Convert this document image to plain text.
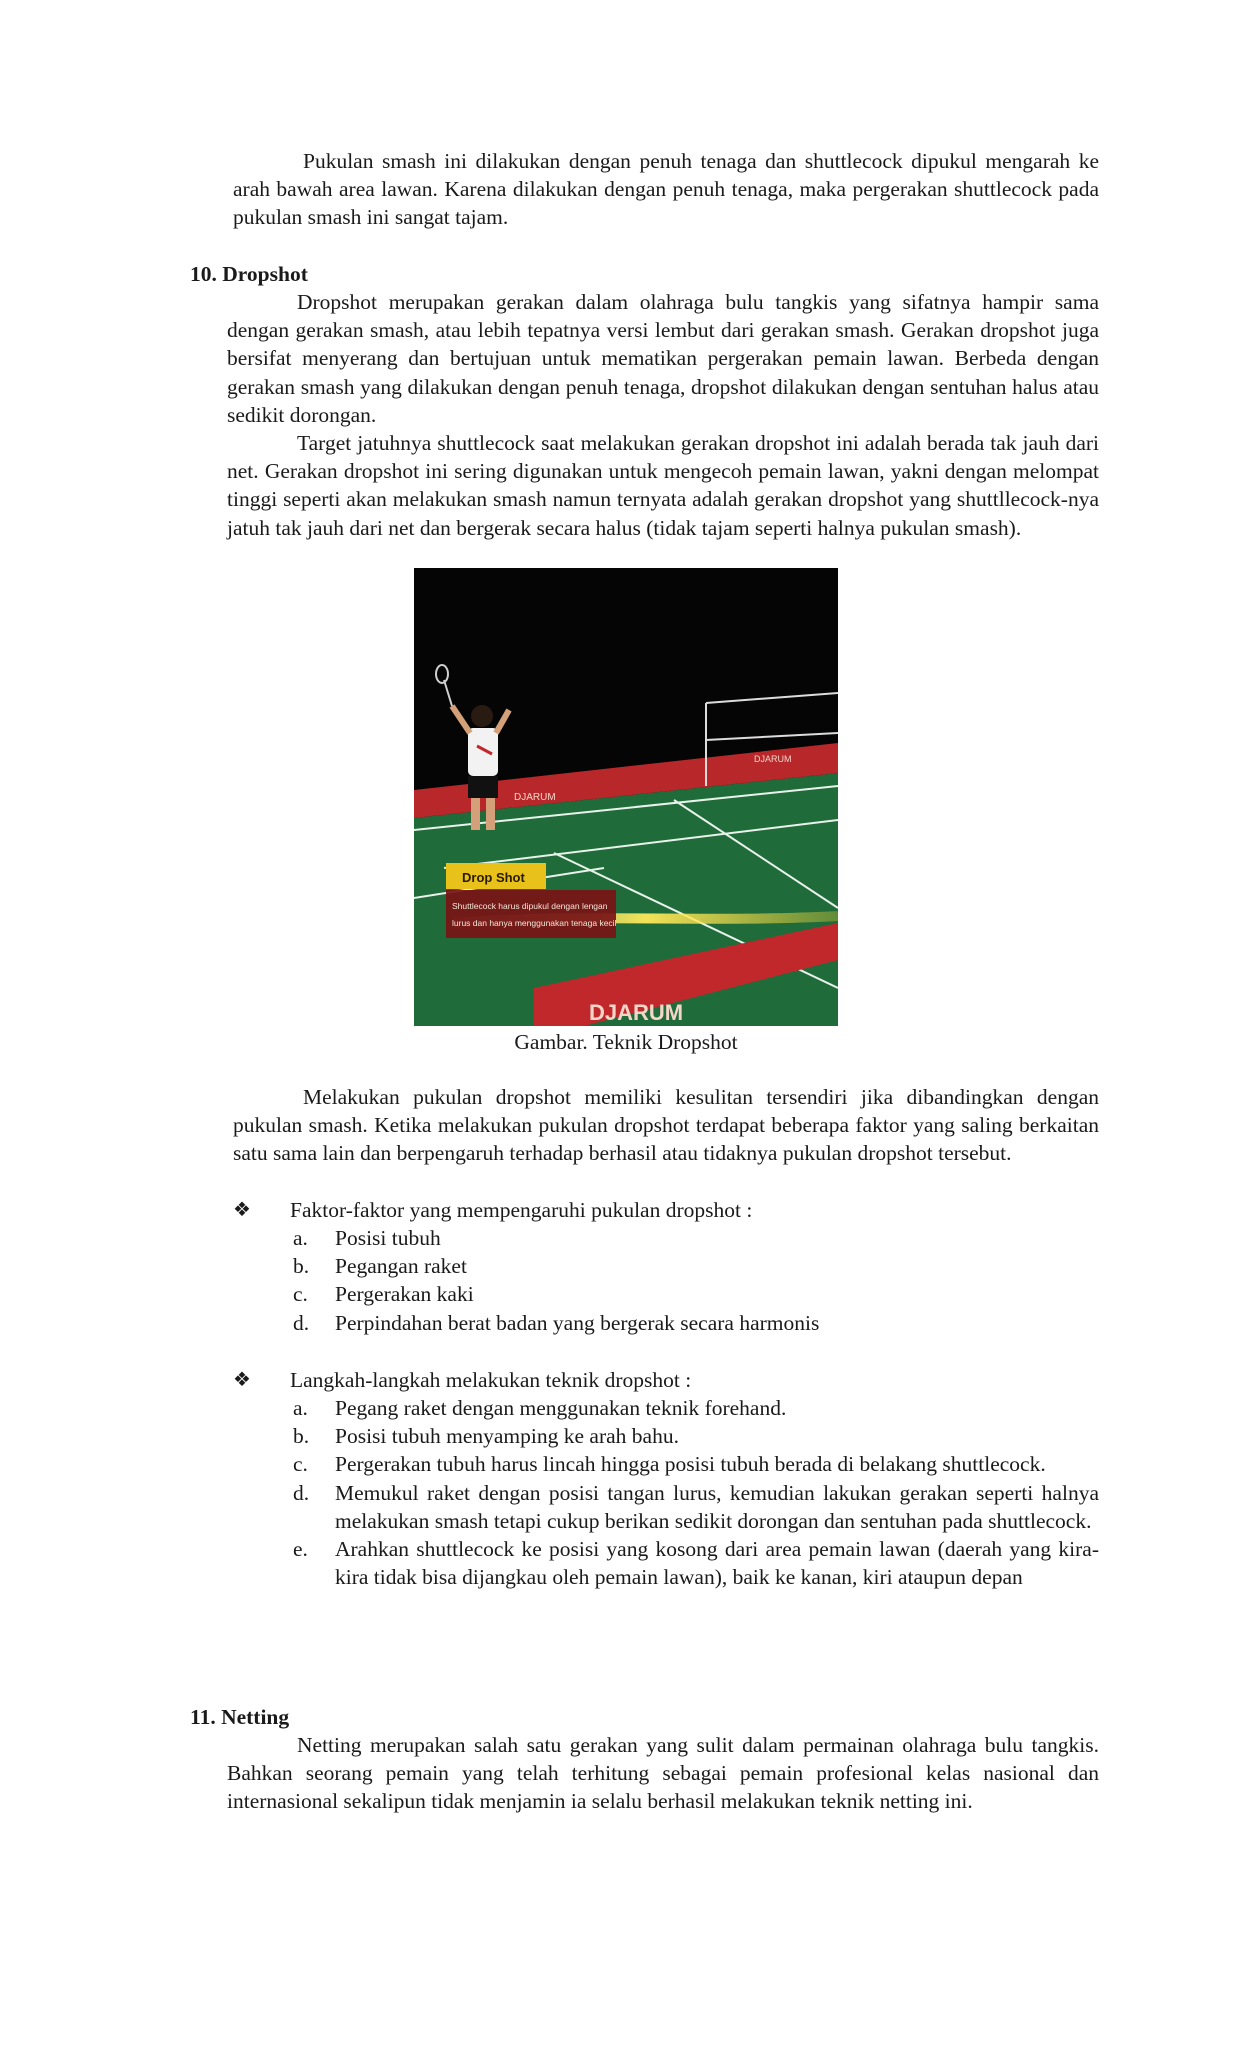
Pukulan smash ini dilakukan dengan penuh tenaga dan shuttlecock dipukul mengarah ke arah bawah area lawan. Karena dilakukan dengan penuh tenaga, maka pergerakan shuttlecock pada pukulan smash ini sangat tajam.

10. Dropshot

Dropshot merupakan gerakan dalam olahraga bulu tangkis yang sifatnya hampir sama dengan gerakan smash, atau lebih tepatnya versi lembut dari gerakan smash. Gerakan dropshot juga bersifat menyerang dan bertujuan untuk mematikan pergerakan pemain lawan. Berbeda dengan gerakan smash yang dilakukan dengan penuh tenaga, dropshot dilakukan dengan sentuhan halus atau sedikit dorongan.

Target jatuhnya shuttlecock saat melakukan gerakan dropshot ini adalah berada tak jauh dari net. Gerakan dropshot ini sering digunakan untuk mengecoh pemain lawan, yakni dengan melompat tinggi seperti akan melakukan smash namun ternyata adalah gerakan dropshot yang shuttllecock-nya jatuh tak jauh dari net dan bergerak secara halus (tidak tajam seperti halnya pukulan smash).

DJARUM
DJARUM
DJARUM
Drop Shot
Shuttlecock harus dipukul dengan lengan
lurus dan hanya menggunakan tenaga kecil
Gambar. Teknik Dropshot

Melakukan pukulan dropshot memiliki kesulitan tersendiri jika dibandingkan dengan pukulan smash. Ketika melakukan pukulan dropshot terdapat beberapa faktor yang saling berkaitan satu sama lain dan berpengaruh terhadap berhasil atau tidaknya pukulan dropshot tersebut.

❖ Faktor-faktor yang mempengaruhi pukulan dropshot :
a. Posisi tubuh
b. Pegangan raket
c. Pergerakan kaki
d. Perpindahan berat badan yang bergerak secara harmonis
❖ Langkah-langkah melakukan teknik dropshot :
a. Pegang raket dengan menggunakan teknik forehand.
b. Posisi tubuh menyamping ke arah bahu.
c. Pergerakan tubuh harus lincah hingga posisi tubuh berada di belakang shuttlecock.
d. Memukul raket dengan posisi tangan lurus, kemudian lakukan gerakan seperti halnya melakukan smash tetapi cukup berikan sedikit dorongan dan sentuhan pada shuttlecock.
e. Arahkan shuttlecock ke posisi yang kosong dari area pemain lawan (daerah yang kira-kira tidak bisa dijangkau oleh pemain lawan), baik ke kanan, kiri ataupun depan
11. Netting

Netting merupakan salah satu gerakan yang sulit dalam permainan olahraga bulu tangkis. Bahkan seorang pemain yang telah terhitung sebagai pemain profesional kelas nasional dan internasional sekalipun tidak menjamin ia selalu berhasil melakukan teknik netting ini.
